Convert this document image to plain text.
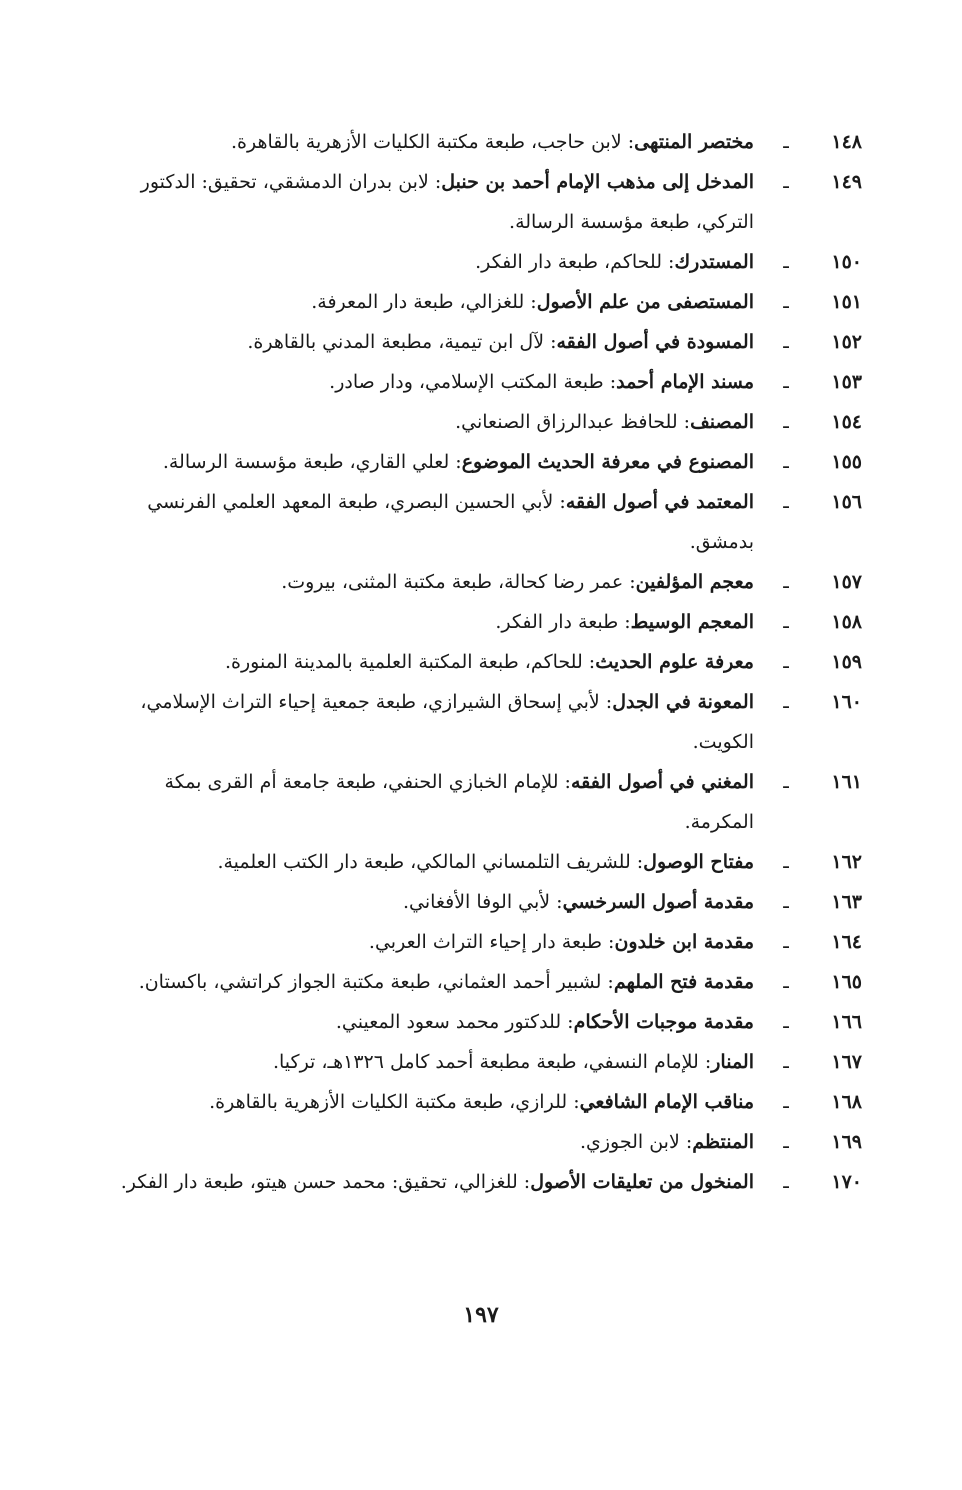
١٤٨
ـ
مختصر المنتهى: لابن حاجب، طبعة مكتبة الكليات الأزهرية بالقاهرة.
١٤٩
ـ
المدخل إلى مذهب الإمام أحمد بن حنبل: لابن بدران الدمشقي، تحقيق: الدكتور التركي، طبعة مؤسسة الرسالة.
١٥٠
ـ
المستدرك: للحاكم، طبعة دار الفكر.
١٥١
ـ
المستصفى من علم الأصول: للغزالي، طبعة دار المعرفة.
١٥٢
ـ
المسودة في أصول الفقه: لآل ابن تيمية، مطبعة المدني بالقاهرة.
١٥٣
ـ
مسند الإمام أحمد: طبعة المكتب الإسلامي، ودار صادر.
١٥٤
ـ
المصنف: للحافظ عبدالرزاق الصنعاني.
١٥٥
ـ
المصنوع في معرفة الحديث الموضوع: لعلي القاري، طبعة مؤسسة الرسالة.
١٥٦
ـ
المعتمد في أصول الفقه: لأبي الحسين البصري، طبعة المعهد العلمي الفرنسي بدمشق.
١٥٧
ـ
معجم المؤلفين: عمر رضا كحالة، طبعة مكتبة المثنى، بيروت.
١٥٨
ـ
المعجم الوسيط: طبعة دار الفكر.
١٥٩
ـ
معرفة علوم الحديث: للحاكم، طبعة المكتبة العلمية بالمدينة المنورة.
١٦٠
ـ
المعونة في الجدل: لأبي إسحاق الشيرازي، طبعة جمعية إحياء التراث الإسلامي، الكويت.
١٦١
ـ
المغني في أصول الفقه: للإمام الخبازي الحنفي، طبعة جامعة أم القرى بمكة المكرمة.
١٦٢
ـ
مفتاح الوصول: للشريف التلمساني المالكي، طبعة دار الكتب العلمية.
١٦٣
ـ
مقدمة أصول السرخسي: لأبي الوفا الأفغاني.
١٦٤
ـ
مقدمة ابن خلدون: طبعة دار إحياء التراث العربي.
١٦٥
ـ
مقدمة فتح الملهم: لشبير أحمد العثماني، طبعة مكتبة الجواز كراتشي، باكستان.
١٦٦
ـ
مقدمة موجبات الأحكام: للدكتور محمد سعود المعيني.
١٦٧
ـ
المنار: للإمام النسفي، طبعة مطبعة أحمد كامل ١٣٢٦هـ، تركيا.
١٦٨
ـ
مناقب الإمام الشافعي: للرازي، طبعة مكتبة الكليات الأزهرية بالقاهرة.
١٦٩
ـ
المنتظم: لابن الجوزي.
١٧٠
ـ
المنخول من تعليقات الأصول: للغزالي، تحقيق: محمد حسن هيتو، طبعة دار الفكر.
١٩٧
